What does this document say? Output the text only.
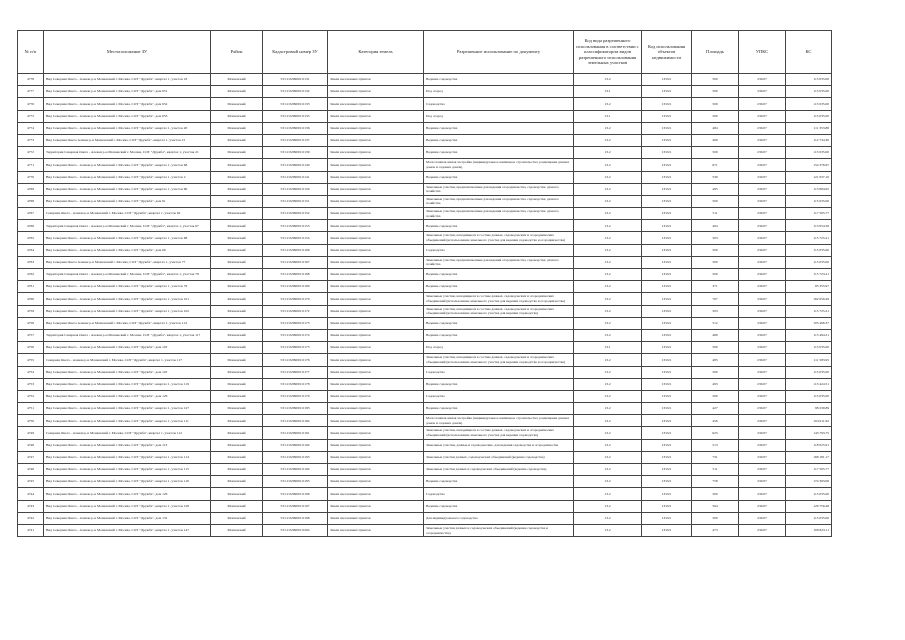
№ п/п	Местоположение ЗУ	Район	Кадастровый номер ЗУ	Категория земель	Разрешенное использование по документу	Код вида разрешенного использования в соответствии с классификатором видов разрешенного использования земельных участков	Код использования объектов недвижимости	Площадь	УПКС	КС
4778	Вид Северная Онега - Алекан р-н Мошенский г. Москва, СОТ "Дружба", квартал 1, участок 18	Мошенский	53:11:0209001:0131	Земли населенных пунктов	Ведение садоводства	13.2	13:021	500	230.07	115 035.00
4777	Вид Северная Онега - Алекан р-н Мошенский г. Москва, СОТ "Дружба", дом 651	Мошенский	53:11:0209001:0132	Земли населенных пунктов	Под огород	13.1	13:021	500	230.07	115 035.00
4776	Вид Северная Онега - Алекан р-н Мошенский г. Москва, СОТ "Дружба", дом 652	Мошенский	53:11:0209001:0133	Земли населенных пунктов	Садоводство	13.2	13:021	500	230.07	115 035.00
4775	Вид Северная Онега - Алекан р-н Мошенский г. Москва, СОТ "Дружба", дом 653	Мошенский	53:11:0209001:0135	Земли населенных пунктов	Под огород	13.1	13:021	500	230.07	115 035.00
4774	Вид Северная Онега - Алекан р-н Мошенский г. Москва, СОТ "Дружба", квартал 1, участок 20	Мошенский	53:11:0209001:0136	Земли населенных пунктов	Ведение садоводства	13.2	13:021	484	230.07	111 353.88
4773	Вид Северная Онега Алекан р-н Мошенский г. Москва, СОТ "Дружба", квартал 1, участок 21	Мошенский	53:11:0209001:0137	Земли населенных пунктов	Ведение садоводства	13.2	13:021	490	230.07	112 734.30
4772	Территория Северная Онега - Алекан р-н Мошенский г. Москва, СОТ "Дружба", квартал 1, участок 21	Мошенский	53:11:0209001:0139	Земли населенных пунктов	Ведение садоводства	13.2	13:021	500	230.07	115 035.00
4771	Вид Северная Онега - Алекан р-н Мошенский г. Москва, СОТ "Дружба", квартал 1, участок 68	Мошенский	53:11:0209001:0140	Земли населенных пунктов	Малоэтажная жилая застройка (индивидуальное жилищное строительство; размещение дачных домов и садовых домов)	13.2	13:021	671	230.07	154 376.97
4770	Вид Северная Онега - Алекан р-н Мошенский г. Москва, СОТ "Дружба", квартал 1, участок 2	Мошенский	53:11:0209001:0141	Земли населенных пунктов	Ведение садоводства	13.2	13:021	530	230.07	121 937.10
4769	Вид Северная Онега - Алекан р-н Мошенский г. Москва, СОТ "Дружба", квартал 1, участок 60	Мошенский	53:11:0209001:0150	Земли населенных пунктов	Земельные участки, предназначенные для ведения огородничества, садоводства, дачного хозяйства	13.2	13:021	495	230.07	113 884.65
4768	Вид Северная Онега - Алекан р-н Мошенский г. Москва, СОТ "Дружба", дом 61	Мошенский	53:11:0209001:0151	Земли населенных пунктов	Земельные участки, предназначенные для ведения огородничества, садоводства, дачного хозяйства	13.2	13:021	500	230.07	115 035.00
4767	Северная Онега - Алекан р-н Мошенский г. Москва, СОТ "Дружба", квартал 1, участок 62	Мошенский	53:11:0209001:0152	Земли населенных пунктов	Земельные участки, предназначенные для ведения огородничества, садоводства, дачного хозяйства	13.2	13:021	511	230.07	117 565.77
4766	Территория Северная Онега - Алекан р-н Мошенский г. Москва, СОТ "Дружба", квартал 1, участок 67	Мошенский	53:11:0209001:0153	Земли населенных пунктов	Ведение садоводства	13.2	13:021	494	230.07	113 654.58
4765	Вид Северная Онега - Алекан р-н Мошенский г. Москва, СОТ "Дружба", квартал 1, участок 68	Мошенский	53:11:0209001:0154	Земли населенных пунктов	Земельные участки, находящиеся в составе дачных, садоводческих и огороднических объединений (использование земельного участка для ведения садоводства и огородничества)	13.2	13:021	503	230.07	115 725.21
4764	Вид Северная Онега - Алекан р-н Мошенский г. Москва, СОТ "Дружба", дом 69	Мошенский	53:11:0209001:0166	Земли населенных пунктов	Садоводство	13.2	13:021	500	230.07	115 035.00
4763	Вид Северная Онега Алекан р-н Мошенский г. Москва, СОТ "Дружба", квартал 1, участок 77	Мошенский	53:11:0209001:0167	Земли населенных пунктов	Земельные участки, предназначенные для ведения огородничества, садоводства, дачного хозяйства	13.2	13:021	500	230.07	115 035.00
4762	Территория Северная Онега - Алекан р-н Мошенский г. Москва, СОТ "Дружба", квартал 1, участок 78	Мошенский	53:11:0209001:0168	Земли населенных пунктов	Ведение садоводства	13.2	13:021	500	230.07	115 723.21
4761	Вид Северная Онега - Алекан р-н Мошенский г. Москва, СОТ "Дружба", квартал 1, участок 79	Мошенский	53:11:0209001:0169	Земли населенных пунктов	Ведение садоводства	13.2	13:021	371	230.07	85 355.97
4760	Вид Северная Онега - Алекан р-н Мошенский г. Москва, СОТ "Дружба", квартал 1, участок 101	Мошенский	53:11:0209001:0170	Земли населенных пунктов	Земельные участки, находящиеся в составе дачных, садоводческих и огороднических объединений (использование земельного участка для ведения садоводства и огородничества)	13.2	13:021	707	230.07	162 659.49
4759	Вид Северная Онега - Алекан р-н Мошенский г. Москва, СОТ "Дружба", квартал 1, участок 102	Мошенский	53:11:0209001:0172	Земли населенных пунктов	Земельные участки, находящиеся в составе дачных, садоводческих и огороднических объединений (использование земельного участка для ведения садоводства)	13.2	13:021	503	230.07	115 725.21
4758	Вид Северная Онега Алекан р-н Мошенский г. Москва, СОТ "Дружба", квартал 1, участок 114	Мошенский	53:11:0209001:0173	Земли населенных пунктов	Ведение садоводства	13.2	13:021	512	230.07	105 496.37
4757	Территория Северная Онега - Алекан р-н Мошенский г. Москва, СОТ "Дружба", квартал 1, участок 117	Мошенский	53:11:0209001:0174	Земли населенных пунктов	Ведение садоводства	13.2	13:021	489	230.07	115 494.21
4756	Вид Северная Онега - Алекан р-н Мошенский г. Москва, СОТ "Дружба", дом 118	Мошенский	53:11:0209001:0175	Земли населенных пунктов	Под огород	13.1	13:021	500	230.07	115 035.00
4755	Северная Онега - Алекан р-н Мошенский г. Москва, СОТ "Дружба", квартал 1, участок 117	Мошенский	53:11:0209001:0176	Земли населенных пунктов	Земельные участки, находящиеся в составе дачных, садоводческих и огороднических объединений (использование земельного участка для ведения садоводства и огородничества)	13.2	13:021	485	230.07	111 583.95
4754	Вид Северная Онега - Алекан р-н Мошенский г. Москва, СОТ "Дружба", дом 118	Мошенский	53:11:0209001:0177	Земли населенных пунктов	Садоводство	13.2	13:021	500	230.07	115 035.00
4753	Вид Северная Онега - Алекан р-н Мошенский г. Москва, СОТ "Дружба", квартал 1, участок 119	Мошенский	53:11:0209001:0178	Земли населенных пунктов	Ведение садоводства	13.2	13:021	493	230.07	113 424.51
4752	Вид Северная Онега - Алекан р-н Мошенский г. Москва, СОТ "Дружба", дом 120	Мошенский	53:11:0209001:0179	Земли населенных пунктов	Садоводство	13.2	13:021	500	230.07	115 035.00
4751	Вид Северная Онега - Алекан р-н Мошенский г. Москва, СОТ "Дружба", квартал 1, участок 127	Мошенский	53:11:0209001:0183	Земли населенных пунктов	Ведение садоводства	13.2	13:021	427	230.07	98 239.89
4750	Вид Северная Онега - Алекан р-н Мошенский г. Москва, СОТ "Дружба", квартал 1, участок 111	Мошенский	53:11:0209001:0184	Земли населенных пунктов	Малоэтажная жилая застройка (индивидуальное жилищное строительство; размещение дачных домов и садовых домов)	13.2	13:021	456	230.07	104 911.92
4749	Северная Онега - Алекан р-н Мошенский г. Москва, СОТ "Дружба", квартал 1, участок 112	Мошенский	53:11:0209001:0191	Земли населенных пунктов	Земельные участки, находящиеся в составе дачных, садоводческих и огороднических объединений (использование земельного участка для ведения садоводства)	13.2	13:021	625	230.07	143 793.75
4748	Вид Северная Онега - Алекан р-н Мошенский г. Москва, СОТ "Дружба", дом 113	Мошенский	53:11:0209001:0192	Земли населенных пунктов	Земельные участки, дачные и садоводческие, для ведения садоводства и огородничества	13.2	13:021	513	230.07	118 025.91
4747	Вид Северная Онега - Алекан р-н Мошенский г. Москва, СОТ "Дружба", квартал 1, участок 114	Мошенский	53:11:0209001:0193	Земли населенных пунктов	Земельные участки дачных, садоводческих объединений (ведение садоводства)	13.2	13:021	731	230.07	168 181.17
4746	Вид Северная Онега - Алекан р-н Мошенский г. Москва, СОТ "Дружба", квартал 1, участок 115	Мошенский	53:11:0209001:0194	Земли населенных пунктов	Земельные участки дачных и садоводческих объединений (ведение садоводства)	13.2	13:021	511	230.07	117 565.77
4745	Вид Северная Онега - Алекан р-н Мошенский г. Москва, СОТ "Дружба", квартал 1, участок 116	Мошенский	53:11:0209001:0195	Земли населенных пунктов	Ведение садоводства	13.2	13:021	758	230.07	174 393.06
4744	Вид Северная Онега - Алекан р-н Мошенский г. Москва, СОТ "Дружба", дом 120	Мошенский	53:11:0209001:0196	Земли населенных пунктов	Садоводство	13.2	13:021	500	230.07	115 035.00
4743	Вид Северная Онега - Алекан р-н Мошенский г. Москва, СОТ "Дружба", квартал 1, участок 128	Мошенский	53:11:0209001:0197	Земли населенных пунктов	Ведение садоводства	13.2	13:021	564	230.07	129 759.48
4742	Вид Северная Онега - Алекан р-н Мошенский г. Москва, СОТ "Дружба", дом 131	Мошенский	53:11:0209001:0198	Земли населенных пунктов	Для индивидуального садоводства	13.2	13:021	500	230.07	115 035.00
4741	Вид Северная Онега - Алекан р-н Мошенский г. Москва, СОТ "Дружба", квартал 1, участок 147	Мошенский	53:11:0209001:0204	Земли населенных пунктов	Земельные участки дачных и садоводческих объединений (ведение садоводства и огородничества)	13.2	13:021	473	230.07	108 823.11
